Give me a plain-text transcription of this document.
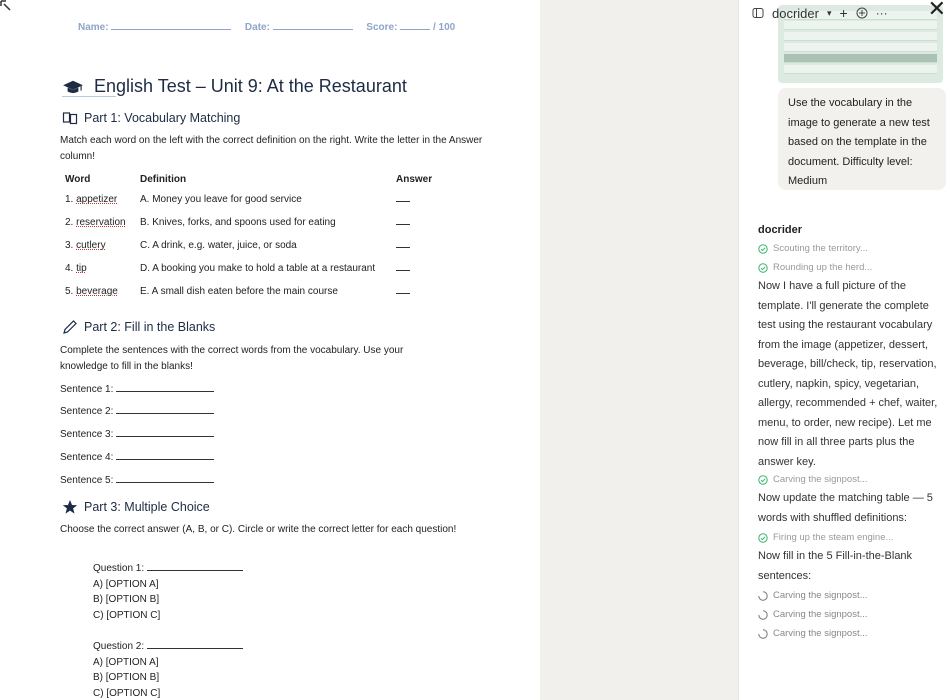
Name:	Date:	Score:	/ 100
English Test – Unit 9: At the Restaurant
Part 1: Vocabulary Matching
Match each word on the left with the correct definition on the right. Write the letter in the Answer column!
Word	Definition	Answer
1. appetizer	A. Money you leave for good service	
2. reservation	B. Knives, forks, and spoons used for eating	
3. cutlery	C. A drink, e.g. water, juice, or soda	
4. tip	D. A booking you make to hold a table at a restaurant	
5. beverage	E. A small dish eaten before the main course	
Part 2: Fill in the Blanks
Complete the sentences with the correct words from the vocabulary. Use your knowledge to fill in the blanks!
Sentence 1:
Sentence 2:
Sentence 3:
Sentence 4:
Sentence 5:
Part 3: Multiple Choice
Choose the correct answer (A, B, or C). Circle or write the correct letter for each question!
Question 1:
A) [OPTION A]
B) [OPTION B]
C) [OPTION C]
Question 2:
A) [OPTION A]
B) [OPTION B]
C) [OPTION C]
docrider ▾ + ··· ✕
Use the vocabulary in the image to generate a new test based on the template in the document. Difficulty level: Medium
docrider
Scouting the territory...
Rounding up the herd...
Now I have a full picture of the template. I'll generate the complete test using the restaurant vocabulary from the image (appetizer, dessert, beverage, bill/check, tip, reservation, cutlery, napkin, spicy, vegetarian, allergy, recommended + chef, waiter, menu, to order, new recipe). Let me now fill in all three parts plus the answer key.
Carving the signpost...
Now update the matching table — 5 words with shuffled definitions:
Firing up the steam engine...
Now fill in the 5 Fill-in-the-Blank sentences:
Carving the signpost...
Carving the signpost...
Carving the signpost...
